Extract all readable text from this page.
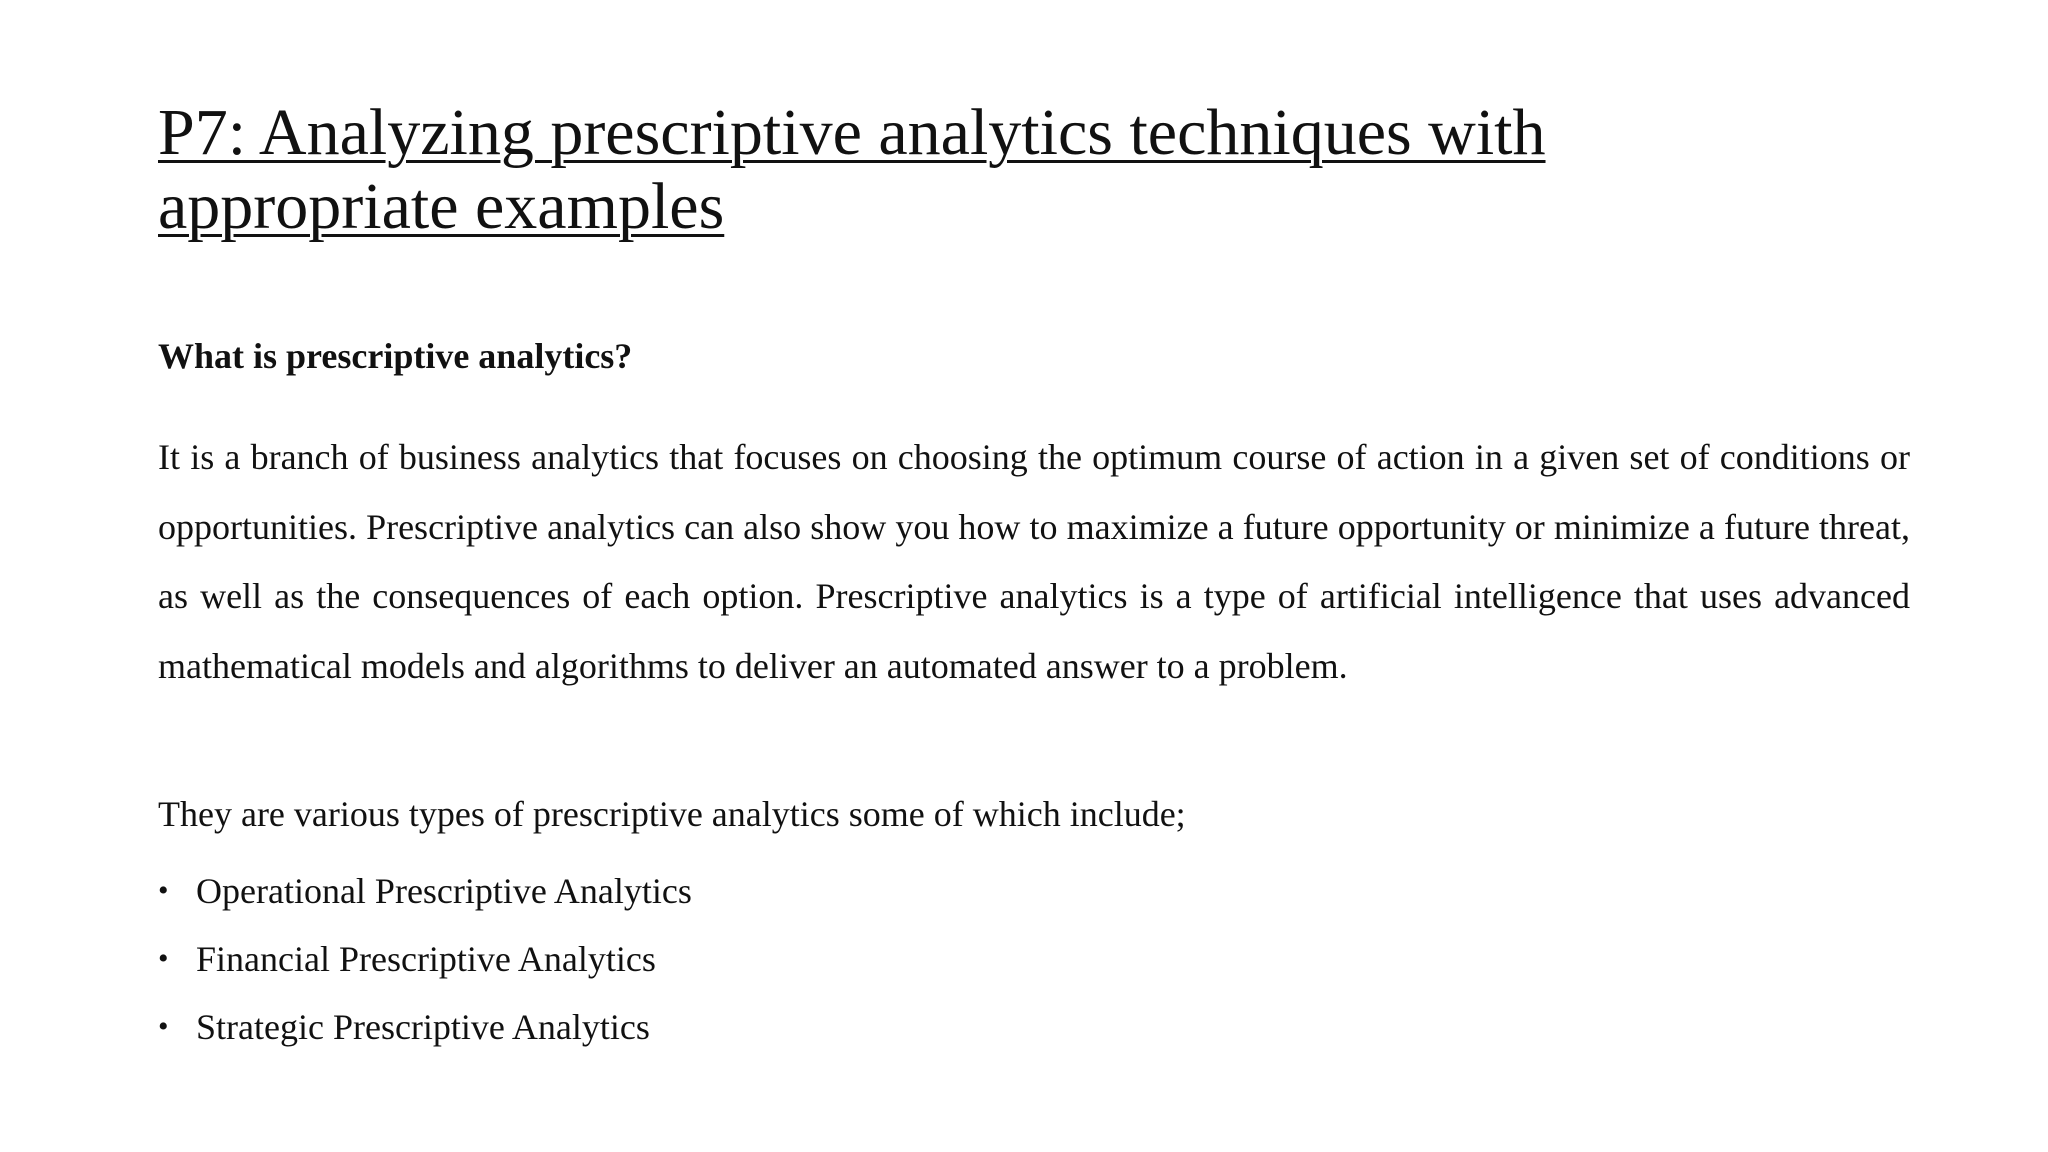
P7: Analyzing prescriptive analytics techniques with appropriate examples

What is prescriptive analytics?

It is a branch of business analytics that focuses on choosing the optimum course of action in a given set of conditions or opportunities. Prescriptive analytics can also show you how to maximize a future opportunity or minimize a future threat, as well as the consequences of each option. Prescriptive analytics is a type of artificial intelligence that uses advanced mathematical models and algorithms to deliver an automated answer to a problem.

They are various types of prescriptive analytics some of which include;

• Operational Prescriptive Analytics
• Financial Prescriptive Analytics
• Strategic Prescriptive Analytics
